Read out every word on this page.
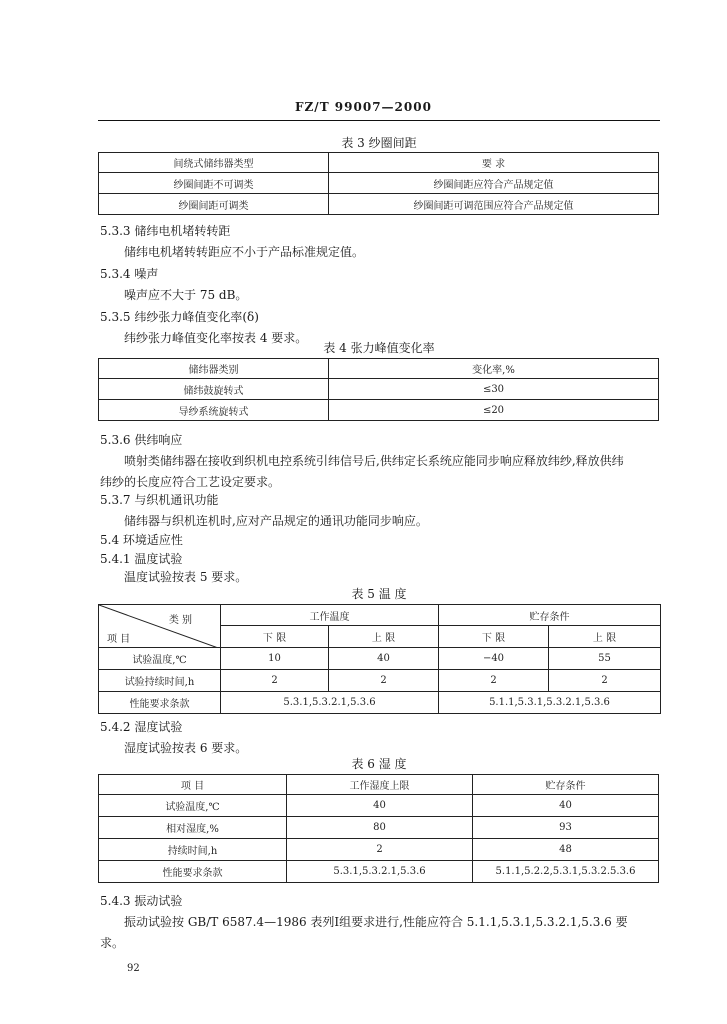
FZ/T 99007—2000
表 3 纱圈间距
间绕式储纬器类型	要 求
纱圈间距不可调类	纱圈间距应符合产品规定值
纱圈间距可调类	纱圈间距可调范围应符合产品规定值
5.3.3 储纬电机堵转转距
储纬电机堵转转距应不小于产品标准规定值。
5.3.4 噪声
噪声应不大于 75 dB。
5.3.5 纬纱张力峰值变化率(δ)
纬纱张力峰值变化率按表 4 要求。
表 4 张力峰值变化率
储纬器类别	变化率,%
储纬鼓旋转式	≤30
导纱系统旋转式	≤20
5.3.6 供纬响应
喷射类储纬器在接收到织机电控系统引纬信号后,供纬定长系统应能同步响应释放纬纱,释放供纬
纬纱的长度应符合工艺设定要求。
5.3.7 与织机通讯功能
储纬器与织机连机时,应对产品规定的通讯功能同步响应。
5.4 环境适应性
5.4.1 温度试验
温度试验按表 5 要求。
表 5 温 度
类 别
项 目	工作温度		贮存条件	
	下 限	上 限	下 限	上 限
试验温度,℃	10	40	−40	55
试验持续时间,h	2	2	2	2
性能要求条款	5.3.1,5.3.2.1,5.3.6		5.1.1,5.3.1,5.3.2.1,5.3.6	
5.4.2 湿度试验
湿度试验按表 6 要求。
表 6 湿 度
项 目	工作湿度上限	贮存条件
试验温度,℃	40	40
相对湿度,%	80	93
持续时间,h	2	48
性能要求条款	5.3.1,5.3.2.1,5.3.6	5.1.1,5.2.2,5.3.1,5.3.2.5.3.6
5.4.3 振动试验
振动试验按 GB/T 6587.4—1986 表列Ⅰ组要求进行,性能应符合 5.1.1,5.3.1,5.3.2.1,5.3.6 要
求。
92
